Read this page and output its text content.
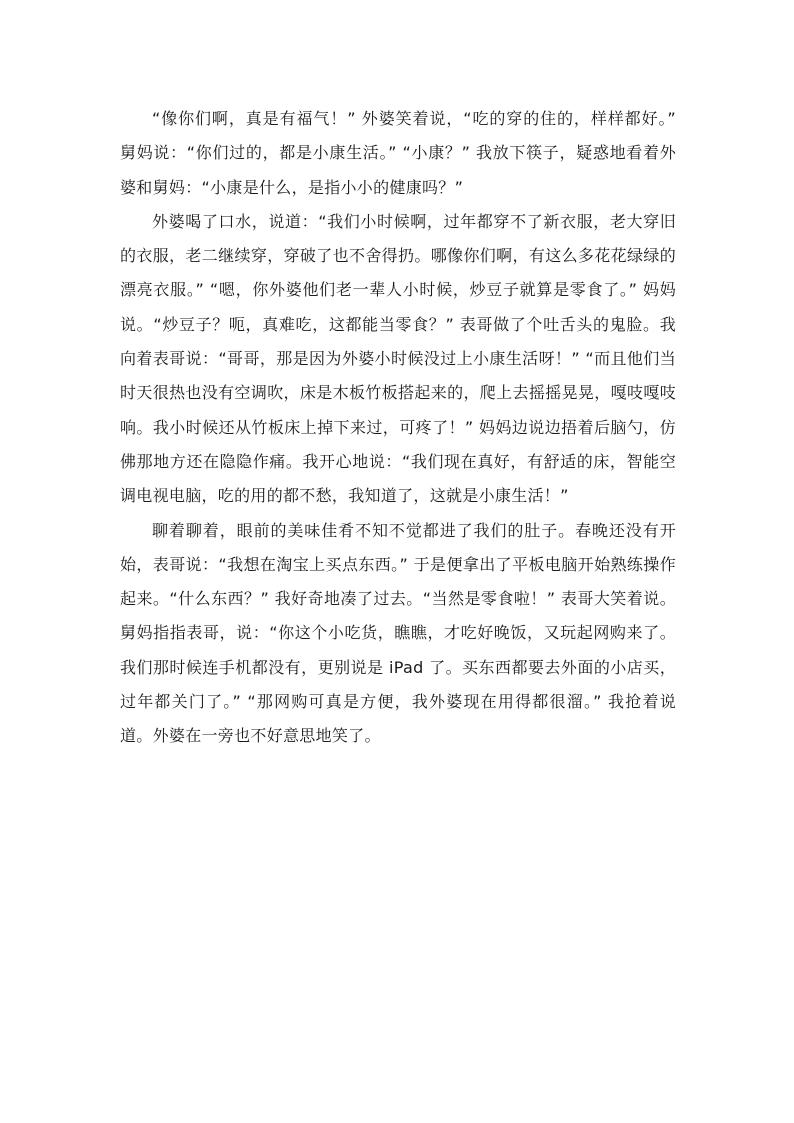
“像你们啊，真是有福气！” 外婆笑着说，“吃的穿的住的，样样都好。” 舅妈说：“你们过的，都是小康生活。” “小康？” 我放下筷子，疑惑地看着外婆和舅妈：“小康是什么，是指小小的健康吗？”

外婆喝了口水，说道：“我们小时候啊，过年都穿不了新衣服，老大穿旧的衣服，老二继续穿，穿破了也不舍得扔。哪像你们啊，有这么多花花绿绿的漂亮衣服。” “嗯，你外婆他们老一辈人小时候，炒豆子就算是零食了。” 妈妈说。“炒豆子？呃，真难吃，这都能当零食？” 表哥做了个吐舌头的鬼脸。我向着表哥说：“哥哥，那是因为外婆小时候没过上小康生活呀！” “而且他们当时天很热也没有空调吹，床是木板竹板搭起来的，爬上去摇摇晃晃，嘎吱嘎吱响。我小时候还从竹板床上掉下来过，可疼了！” 妈妈边说边捂着后脑勺，仿佛那地方还在隐隐作痛。我开心地说：“我们现在真好，有舒适的床，智能空调电视电脑，吃的用的都不愁，我知道了，这就是小康生活！”

聊着聊着，眼前的美味佳肴不知不觉都进了我们的肚子。春晚还没有开始，表哥说：“我想在淘宝上买点东西。” 于是便拿出了平板电脑开始熟练操作起来。“什么东西？” 我好奇地凑了过去。“当然是零食啦！” 表哥大笑着说。舅妈指指表哥，说：“你这个小吃货，瞧瞧，才吃好晚饭，又玩起网购来了。我们那时候连手机都没有，更别说是 iPad 了。买东西都要去外面的小店买，过年都关门了。” “那网购可真是方便，我外婆现在用得都很溜。” 我抢着说道。外婆在一旁也不好意思地笑了。
